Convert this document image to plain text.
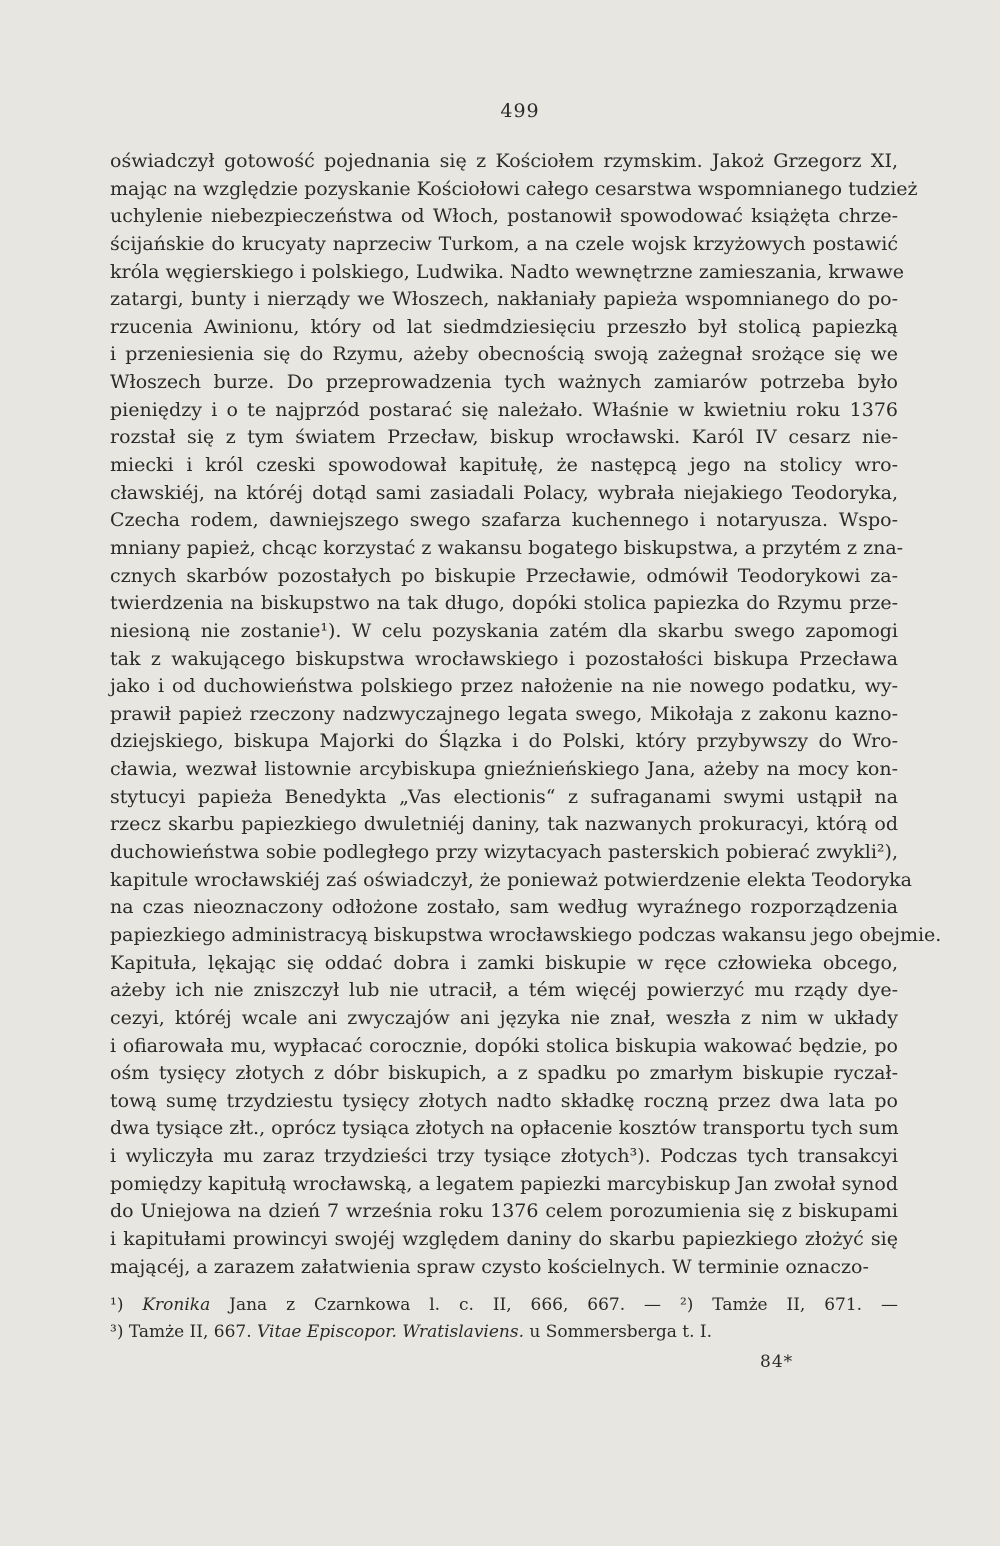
499
oświadczył gotowość pojednania się z Kościołem rzymskim. Jakoż Grzegorz XI,
mając na względzie pozyskanie Kościołowi całego cesarstwa wspomnianego tudzież
uchylenie niebezpieczeństwa od Włoch, postanowił spowodować książęta chrze-
ścijańskie do krucyaty naprzeciw Turkom, a na czele wojsk krzyżowych postawić
króla węgierskiego i polskiego, Ludwika. Nadto wewnętrzne zamieszania, krwawe
zatargi, bunty i nierządy we Włoszech, nakłaniały papieża wspomnianego do po-
rzucenia Awinionu, który od lat siedmdziesięciu przeszło był stolicą papiezką
i przeniesienia się do Rzymu, ażeby obecnością swoją zażegnał srożące się we
Włoszech burze. Do przeprowadzenia tych ważnych zamiarów potrzeba było
pieniędzy i o te najprzód postarać się należało. Właśnie w kwietniu roku 1376
rozstał się z tym światem Przecław, biskup wrocławski. Karól IV cesarz nie-
miecki i król czeski spowodował kapitułę, że następcą jego na stolicy wro-
cławskiéj, na któréj dotąd sami zasiadali Polacy, wybrała niejakiego Teodoryka,
Czecha rodem, dawniejszego swego szafarza kuchennego i notaryusza. Wspo-
mniany papież, chcąc korzystać z wakansu bogatego biskupstwa, a przytém z zna-
cznych skarbów pozostałych po biskupie Przecławie, odmówił Teodorykowi za-
twierdzenia na biskupstwo na tak długo, dopóki stolica papiezka do Rzymu prze-
niesioną nie zostanie¹). W celu pozyskania zatém dla skarbu swego zapomogi
tak z wakującego biskupstwa wrocławskiego i pozostałości biskupa Przecława
jako i od duchowieństwa polskiego przez nałożenie na nie nowego podatku, wy-
prawił papież rzeczony nadzwyczajnego legata swego, Mikołaja z zakonu kazno-
dziejskiego, biskupa Majorki do Ślązka i do Polski, który przybywszy do Wro-
cławia, wezwał listownie arcybiskupa gnieźnieńskiego Jana, ażeby na mocy kon-
stytucyi papieża Benedykta „Vas electionis“ z sufraganami swymi ustąpił na
rzecz skarbu papiezkiego dwuletniéj daniny, tak nazwanych prokuracyi, którą od
duchowieństwa sobie podległego przy wizytacyach pasterskich pobierać zwykli²),
kapitule wrocławskiéj zaś oświadczył, że ponieważ potwierdzenie elekta Teodoryka
na czas nieoznaczony odłożone zostało, sam według wyraźnego rozporządzenia
papiezkiego administracyą biskupstwa wrocławskiego podczas wakansu jego obejmie.
Kapituła, lękając się oddać dobra i zamki biskupie w ręce człowieka obcego,
ażeby ich nie zniszczył lub nie utracił, a tém więcéj powierzyć mu rządy dye-
cezyi, któréj wcale ani zwyczajów ani języka nie znał, weszła z nim w układy
i ofiarowała mu, wypłacać corocznie, dopóki stolica biskupia wakować będzie, po
ośm tysięcy złotych z dóbr biskupich, a z spadku po zmarłym biskupie ryczał-
tową sumę trzydziestu tysięcy złotych nadto składkę roczną przez dwa lata po
dwa tysiące złt., oprócz tysiąca złotych na opłacenie kosztów transportu tych sum
i wyliczyła mu zaraz trzydzieści trzy tysiące złotych³). Podczas tych transakcyi
pomiędzy kapitułą wrocławską, a legatem papiezki marcybiskup Jan zwołał synod
do Uniejowa na dzień 7 września roku 1376 celem porozumienia się z biskupami
i kapitułami prowincyi swojéj względem daniny do skarbu papiezkiego złożyć się
mającéj, a zarazem załatwienia spraw czysto kościelnych. W terminie oznaczo-
¹) Kronika Jana z Czarnkowa l. c. II, 666, 667. — ²) Tamże II, 671. —
³) Tamże II, 667. Vitae Episcopor. Wratislaviens. u Sommersberga t. I.
84*
